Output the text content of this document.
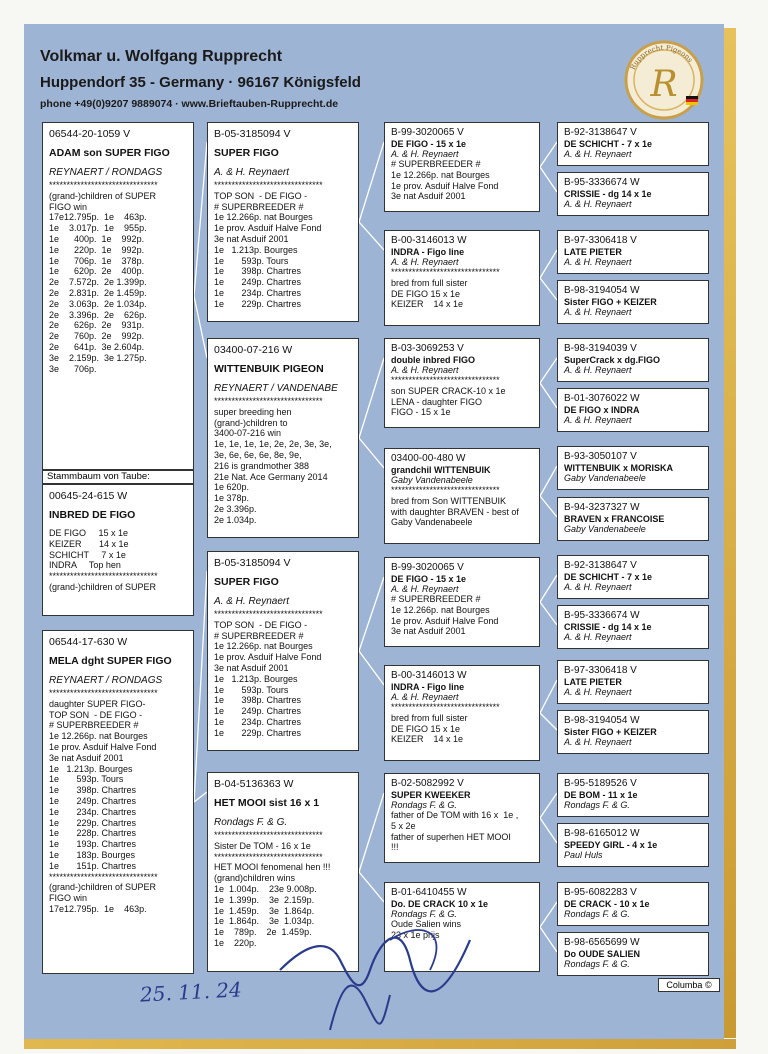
Volkmar u. Wolfgang Rupprecht
Huppendorf 35 - Germany · 96167 Königsfeld
phone +49(0)9207 9889074 · www.Brieftauben-Rupprecht.de
Rupprecht Pigeons
R
06544-20-1059 V
ADAM son SUPER FIGO
REYNAERT / RONDAGS
*******************************
(grand-)children of SUPER
FIGO win
17e12.795p.  1e    463p.
1e    3.017p.  1e    955p.
1e      400p.  1e    992p.
1e      220p.  1e    992p.
1e      706p.  1e    378p.
1e      620p.  2e    400p.
2e    7.572p.  2e 1.399p.
2e    2.831p.  2e 1.459p.
2e    3.063p.  2e 1.034p.
2e    3.396p.  2e    626p.
2e      626p.  2e    931p.
2e      760p.  2e    992p.
2e      641p.  3e 2.604p.
3e    2.159p.  3e 1.275p.
3e      706p.
00645-24-615 W
INBRED DE FIGO
DE FIGO     15 x 1e
KEIZER       14 x 1e
SCHICHT     7 x 1e
INDRA     Top hen
*******************************
(grand-)children of SUPER
06544-17-630 W
MELA dght SUPER FIGO
REYNAERT / RONDAGS
*******************************
daughter SUPER FIGO-
TOP SON  - DE FIGO -
# SUPERBREEDER #
1e 12.266p. nat Bourges
1e prov. Asduif Halve Fond
3e nat Asduif 2001
1e   1.213p. Bourges
1e       593p. Tours
1e       398p. Chartres
1e       249p. Chartres
1e       234p. Chartres
1e       229p. Chartres
1e       228p. Chartres
1e       193p. Chartres
1e       183p. Bourges
1e       151p. Chartres
*******************************
(grand-)children of SUPER
FIGO win
17e12.795p.  1e    463p.
B-05-3185094 V
SUPER FIGO
A. & H. Reynaert
*******************************
TOP SON  - DE FIGO -
# SUPERBREEDER #
1e 12.266p. nat Bourges
1e prov. Asduif Halve Fond
3e nat Asduif 2001
1e   1.213p. Bourges
1e       593p. Tours
1e       398p. Chartres
1e       249p. Chartres
1e       234p. Chartres
1e       229p. Chartres
03400-07-216 W
WITTENBUIK PIGEON
REYNAERT / VANDENABE
*******************************
super breeding hen
(grand-)children to
3400-07-216 win
1e, 1e, 1e, 1e, 2e, 2e, 3e, 3e,
3e, 6e, 6e, 6e, 8e, 9e,
216 is grandmother 388
21e Nat. Ace Germany 2014
1e 620p.
1e 378p.
2e 3.396p.
2e 1.034p.
B-05-3185094 V
SUPER FIGO
A. & H. Reynaert
*******************************
TOP SON  - DE FIGO -
# SUPERBREEDER #
1e 12.266p. nat Bourges
1e prov. Asduif Halve Fond
3e nat Asduif 2001
1e   1.213p. Bourges
1e       593p. Tours
1e       398p. Chartres
1e       249p. Chartres
1e       234p. Chartres
1e       229p. Chartres
B-04-5136363 W
HET MOOI sist 16 x 1
Rondags F. & G.
*******************************
Sister De TOM - 16 x 1e
*******************************
HET MOOI fenomenal hen !!!
(grand)children wins
1e  1.004p.    23e 9.008p.
1e  1.399p.    3e  2.159p.
1e  1.459p.    3e  1.864p.
1e  1.864p.    3e  1.034p.
1e    789p.    2e  1.459p.
1e    220p.
B-99-3020065 V
DE FIGO - 15 x 1e
A. & H. Reynaert
# SUPERBREEDER #
1e 12.266p. nat Bourges
1e prov. Asduif Halve Fond
3e nat Asduif 2001
B-00-3146013 W
INDRA - Figo line
A. & H. Reynaert
*******************************
bred from full sister
DE FIGO 15 x 1e
KEIZER    14 x 1e
B-03-3069253 V
double inbred FIGO
A. & H. Reynaert
*******************************
son SUPER CRACK-10 x 1e
LENA - daughter FIGO
FIGO - 15 x 1e
03400-00-480 W
grandchil WITTENBUIK
Gaby Vandenabeele
*******************************
bred from Son WITTENBUIK
with daughter BRAVEN - best of
Gaby Vandenabeele
B-99-3020065 V
DE FIGO - 15 x 1e
A. & H. Reynaert
# SUPERBREEDER #
1e 12.266p. nat Bourges
1e prov. Asduif Halve Fond
3e nat Asduif 2001
B-00-3146013 W
INDRA - Figo line
A. & H. Reynaert
*******************************
bred from full sister
DE FIGO 15 x 1e
KEIZER    14 x 1e
B-02-5082992 V
SUPER KWEEKER
Rondags F. & G.
father of De TOM with 16 x  1e ,
5 x 2e
father of superhen HET MOOI
!!!
B-01-6410455 W
Do. DE CRACK 10 x 1e
Rondags F. & G.
Oude Salien wins
23 x 1e prijs
B-92-3138647 V
DE SCHICHT - 7 x 1e
A. & H. Reynaert
B-95-3336674 W
CRISSIE - dg 14 x 1e
A. & H. Reynaert
B-97-3306418 V
LATE PIETER
A. & H. Reynaert
B-98-3194054 W
Sister FIGO + KEIZER
A. & H. Reynaert
B-98-3194039 V
SuperCrack x dg.FIGO
A. & H. Reynaert
B-01-3076022 W
DE FIGO x INDRA
A. & H. Reynaert
B-93-3050107 V
WITTENBUIK x MORISKA
Gaby Vandenabeele
B-94-3237327 W
BRAVEN x FRANCOISE
Gaby Vandenabeele
B-92-3138647 V
DE SCHICHT - 7 x 1e
A. & H. Reynaert
B-95-3336674 W
CRISSIE - dg 14 x 1e
A. & H. Reynaert
B-97-3306418 V
LATE PIETER
A. & H. Reynaert
B-98-3194054 W
Sister FIGO + KEIZER
A. & H. Reynaert
B-95-5189526 V
DE BOM - 11 x 1e
Rondags F. & G.
B-98-6165012 W
SPEEDY GIRL - 4 x 1e
Paul Huls
B-95-6082283 V
DE CRACK - 10 x 1e
Rondags F. & G.
B-98-6565699 W
Do OUDE SALIEN
Rondags F. & G.
Stammbaum von Taube:
Columba ©
25. 11. 24
